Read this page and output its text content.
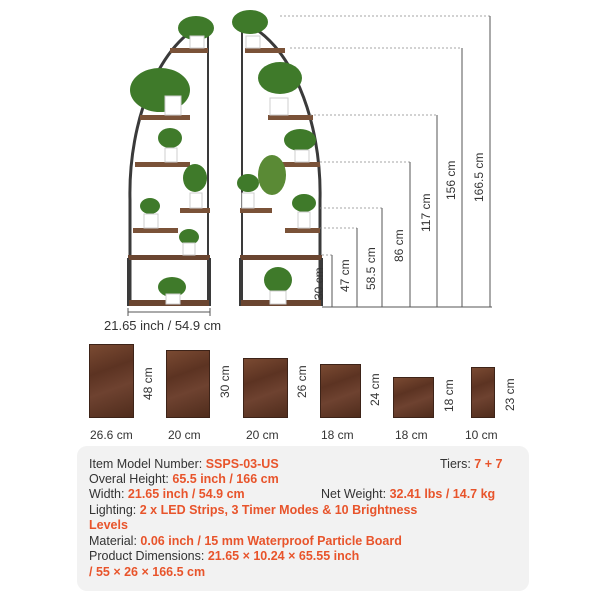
30 cm 47 cm 58.5 cm
86 cm
117 cm
156 cm 166.5 cm
21.65 inch / 54.9 cm
48 cm
26.6 cm
30 cm
20 cm
26 cm
20 cm
24 cm
18 cm
18 cm
18 cm
23 cm
10 cm
Item Model Number: SSPS-03-US	Tiers: 7 + 7
Overal Height: 65.5 inch / 166 cm
Width: 21.65 inch / 54.9 cm	Net Weight: 32.41 lbs / 14.7 kg
Lighting: 2 x LED Strips, 3 Timer Modes & 10 Brightness
Levels
Material: 0.06 inch / 15 mm Waterproof Particle Board
Product Dimensions: 21.65 × 10.24 × 65.55 inch
/ 55 × 26 × 166.5 cm
